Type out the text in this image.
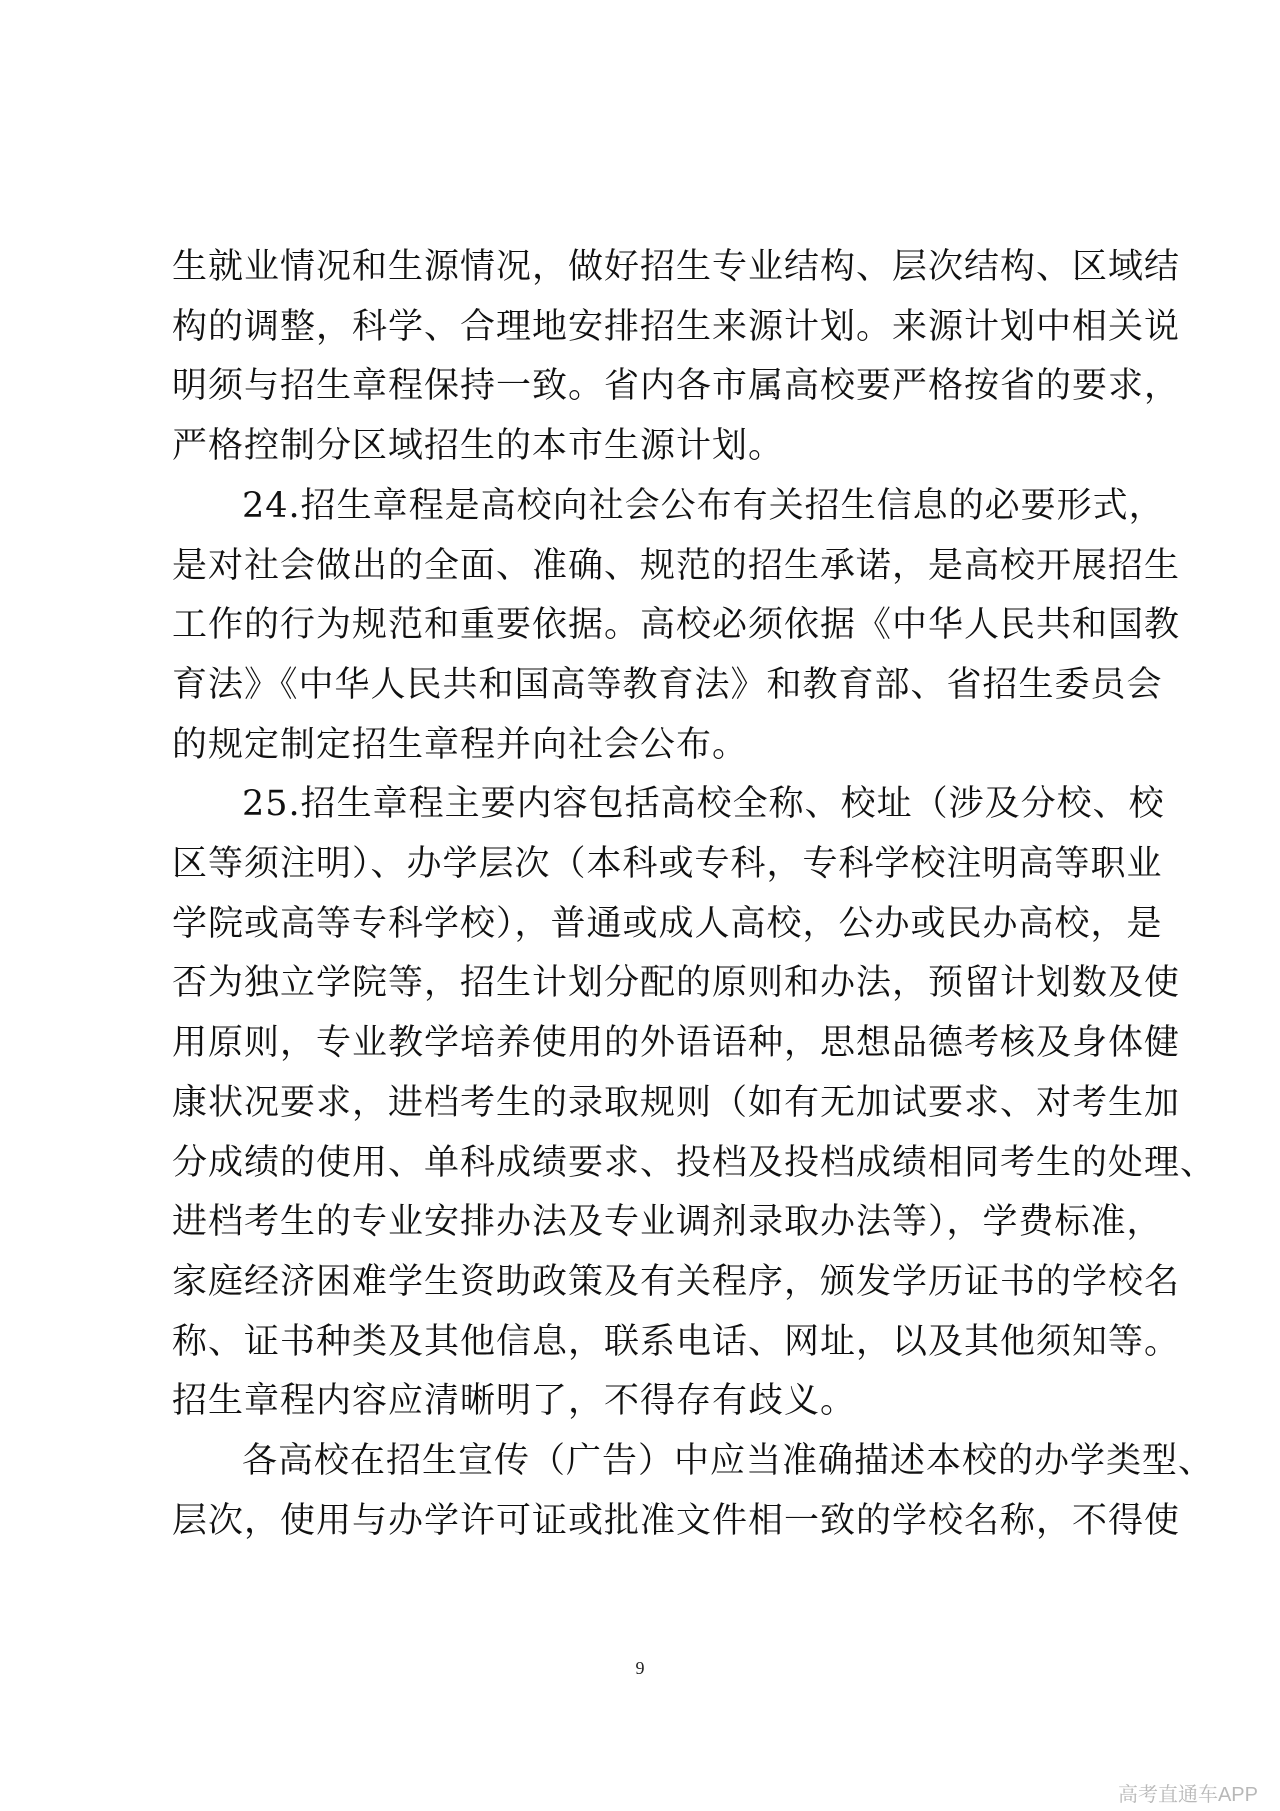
生就业情况和生源情况，做好招生专业结构、层次结构、区域结
构的调整，科学、合理地安排招生来源计划。来源计划中相关说
明须与招生章程保持一致。省内各市属高校要严格按省的要求，
严格控制分区域招生的本市生源计划。
24.招生章程是高校向社会公布有关招生信息的必要形式，
是对社会做出的全面、准确、规范的招生承诺，是高校开展招生
工作的行为规范和重要依据。高校必须依据《中华人民共和国教
育法》《中华人民共和国高等教育法》和教育部、省招生委员会
的规定制定招生章程并向社会公布。
25.招生章程主要内容包括高校全称、校址（涉及分校、校
区等须注明）、办学层次（本科或专科，专科学校注明高等职业
学院或高等专科学校），普通或成人高校，公办或民办高校，是
否为独立学院等，招生计划分配的原则和办法，预留计划数及使
用原则，专业教学培养使用的外语语种，思想品德考核及身体健
康状况要求，进档考生的录取规则（如有无加试要求、对考生加
分成绩的使用、单科成绩要求、投档及投档成绩相同考生的处理、
进档考生的专业安排办法及专业调剂录取办法等），学费标准，
家庭经济困难学生资助政策及有关程序，颁发学历证书的学校名
称、证书种类及其他信息，联系电话、网址，以及其他须知等。
招生章程内容应清晰明了，不得存有歧义。
各高校在招生宣传（广告）中应当准确描述本校的办学类型、
层次，使用与办学许可证或批准文件相一致的学校名称，不得使
9
高考直通车APP
